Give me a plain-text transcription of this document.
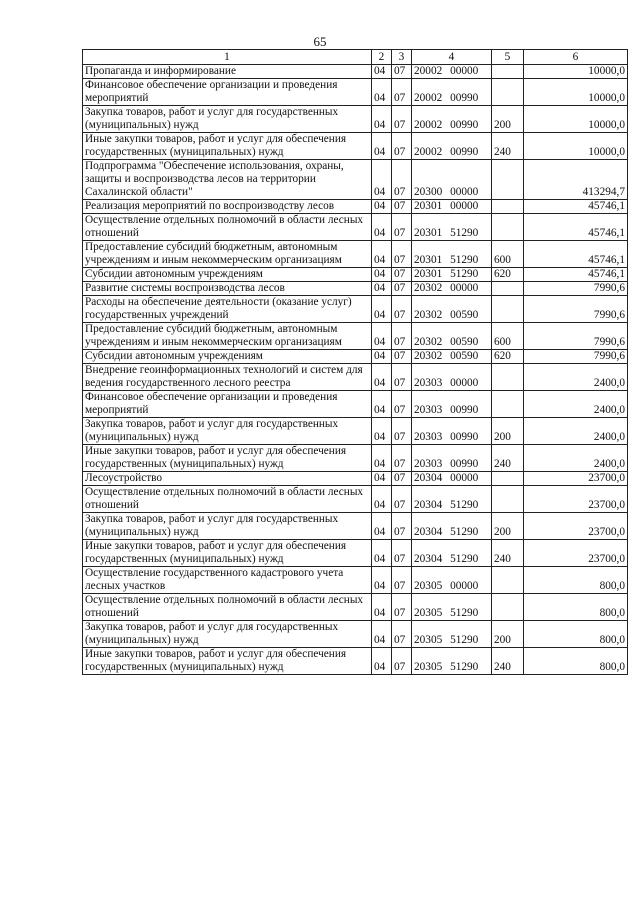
65
1	2	3	4	5	6
Пропаганда и информирование	04	07	20002 00000		10000,0
Финансовое обеспечение организации и проведения мероприятий	04	07	20002 00990		10000,0
Закупка товаров, работ и услуг для государственных (муниципальных) нужд	04	07	20002 00990	200	10000,0
Иные закупки товаров, работ и услуг для обеспечения государственных (муниципальных) нужд	04	07	20002 00990	240	10000,0
Подпрограмма "Обеспечение использования, охраны, защиты и воспроизводства лесов на территории Сахалинской области"	04	07	20300 00000		413294,7
Реализация мероприятий по воспроизводству лесов	04	07	20301 00000		45746,1
Осуществление отдельных полномочий в области лесных отношений	04	07	20301 51290		45746,1
Предоставление субсидий бюджетным, автономным учреждениям и иным некоммерческим организациям	04	07	20301 51290	600	45746,1
Субсидии автономным учреждениям	04	07	20301 51290	620	45746,1
Развитие системы воспроизводства лесов	04	07	20302 00000		7990,6
Расходы на обеспечение деятельности (оказание услуг) государственных учреждений	04	07	20302 00590		7990,6
Предоставление субсидий бюджетным, автономным учреждениям и иным некоммерческим организациям	04	07	20302 00590	600	7990,6
Субсидии автономным учреждениям	04	07	20302 00590	620	7990,6
Внедрение геоинформационных технологий и систем для ведения государственного лесного реестра	04	07	20303 00000		2400,0
Финансовое обеспечение организации и проведения мероприятий	04	07	20303 00990		2400,0
Закупка товаров, работ и услуг для государственных (муниципальных) нужд	04	07	20303 00990	200	2400,0
Иные закупки товаров, работ и услуг для обеспечения государственных (муниципальных) нужд	04	07	20303 00990	240	2400,0
Лесоустройство	04	07	20304 00000		23700,0
Осуществление отдельных полномочий в области лесных отношений	04	07	20304 51290		23700,0
Закупка товаров, работ и услуг для государственных (муниципальных) нужд	04	07	20304 51290	200	23700,0
Иные закупки товаров, работ и услуг для обеспечения государственных (муниципальных) нужд	04	07	20304 51290	240	23700,0
Осуществление государственного кадастрового учета лесных участков	04	07	20305 00000		800,0
Осуществление отдельных полномочий в области лесных отношений	04	07	20305 51290		800,0
Закупка товаров, работ и услуг для государственных (муниципальных) нужд	04	07	20305 51290	200	800,0
Иные закупки товаров, работ и услуг для обеспечения государственных (муниципальных) нужд	04	07	20305 51290	240	800,0
